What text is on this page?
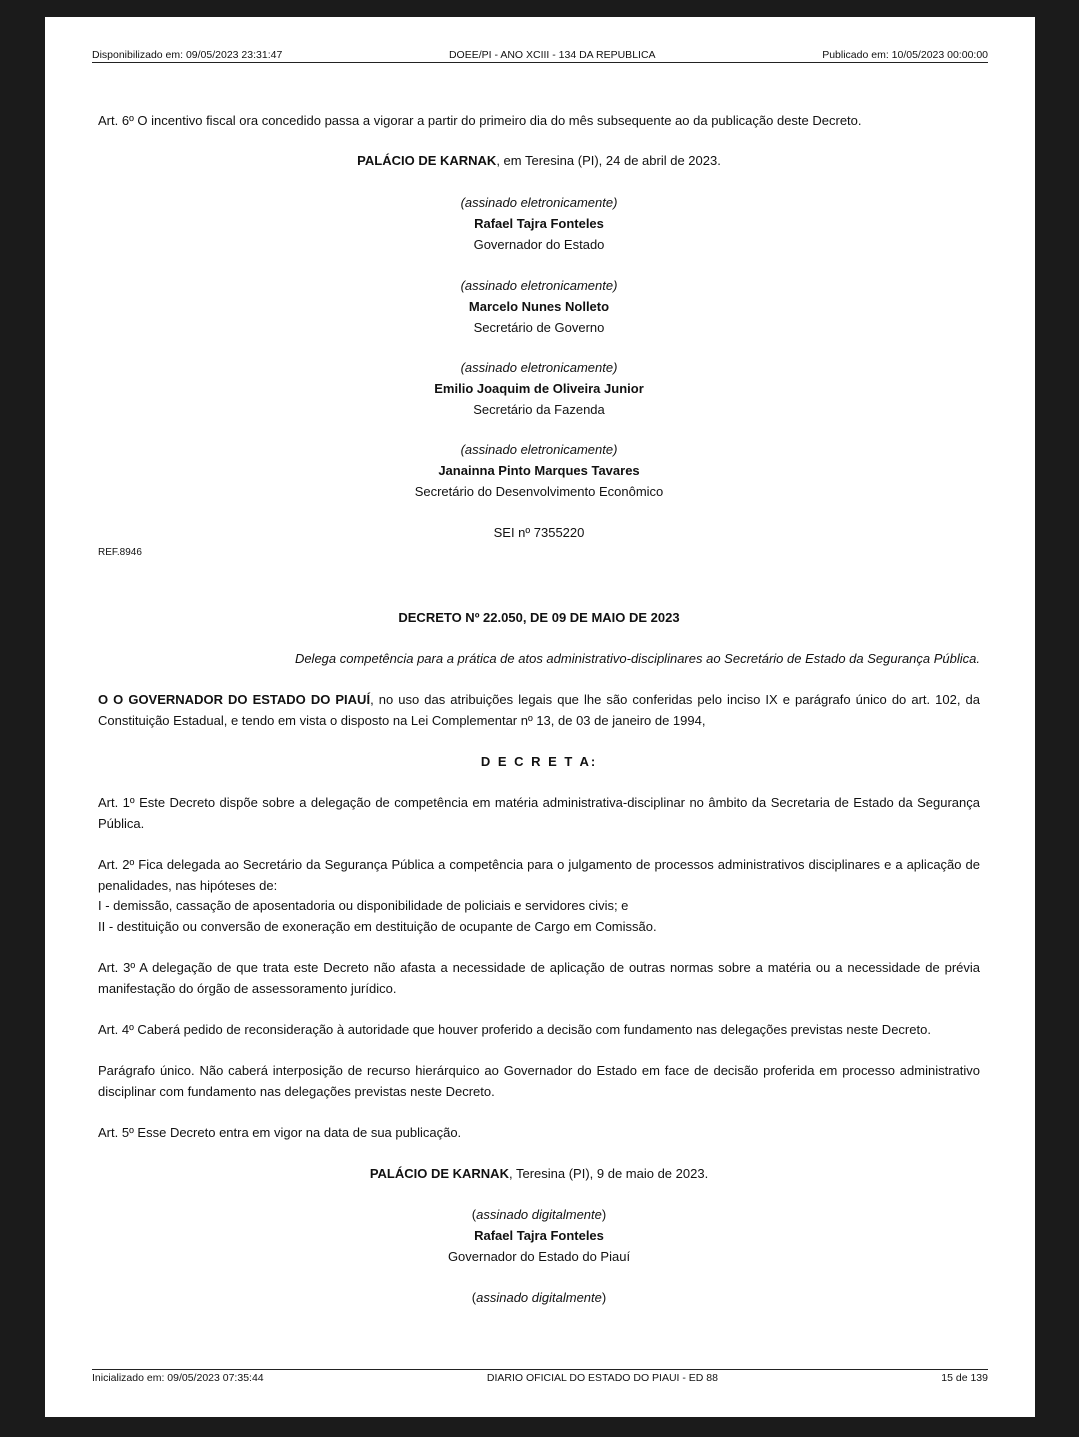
Disponibilizado em: 09/05/2023 23:31:47	DOEE/PI - ANO XCIII - 134 DA REPUBLICA	Publicado em: 10/05/2023 00:00:00
Art. 6º O incentivo fiscal ora concedido passa a vigorar a partir do primeiro dia do mês subsequente ao da publicação deste Decreto.
PALÁCIO DE KARNAK, em Teresina (PI), 24 de abril de 2023.
(assinado eletronicamente)
Rafael Tajra Fonteles
Governador do Estado
(assinado eletronicamente)
Marcelo Nunes Nolleto
Secretário de Governo
(assinado eletronicamente)
Emilio Joaquim de Oliveira Junior
Secretário da Fazenda
(assinado eletronicamente)
Janainna Pinto Marques Tavares
Secretário do Desenvolvimento Econômico
SEI nº 7355220
REF.8946
DECRETO Nº 22.050, DE 09 DE MAIO DE 2023
Delega competência para a prática de atos administrativo-disciplinares ao Secretário de Estado da Segurança Pública.
O O GOVERNADOR DO ESTADO DO PIAUÍ, no uso das atribuições legais que lhe são conferidas pelo inciso IX e parágrafo único do art. 102, da Constituição Estadual, e tendo em vista o disposto na Lei Complementar nº 13, de 03 de janeiro de 1994,
D E C R E T A:
Art. 1º Este Decreto dispõe sobre a delegação de competência em matéria administrativa-disciplinar no âmbito da Secretaria de Estado da Segurança Pública.
Art. 2º Fica delegada ao Secretário da Segurança Pública a competência para o julgamento de processos administrativos disciplinares e a aplicação de penalidades, nas hipóteses de:
I - demissão, cassação de aposentadoria ou disponibilidade de policiais e servidores civis; e
II - destituição ou conversão de exoneração em destituição de ocupante de Cargo em Comissão.
Art. 3º A delegação de que trata este Decreto não afasta a necessidade de aplicação de outras normas sobre a matéria ou a necessidade de prévia manifestação do órgão de assessoramento jurídico.
Art. 4º Caberá pedido de reconsideração à autoridade que houver proferido a decisão com fundamento nas delegações previstas neste Decreto.
Parágrafo único. Não caberá interposição de recurso hierárquico ao Governador do Estado em face de decisão proferida em processo administrativo disciplinar com fundamento nas delegações previstas neste Decreto.
Art. 5º Esse Decreto entra em vigor na data de sua publicação.
PALÁCIO DE KARNAK, Teresina (PI), 9 de maio de 2023.
(assinado digitalmente)
Rafael Tajra Fonteles
Governador do Estado do Piauí
(assinado digitalmente)
Inicializado em: 09/05/2023 07:35:44	DIARIO OFICIAL DO ESTADO DO PIAUI - ED 88	15 de 139
